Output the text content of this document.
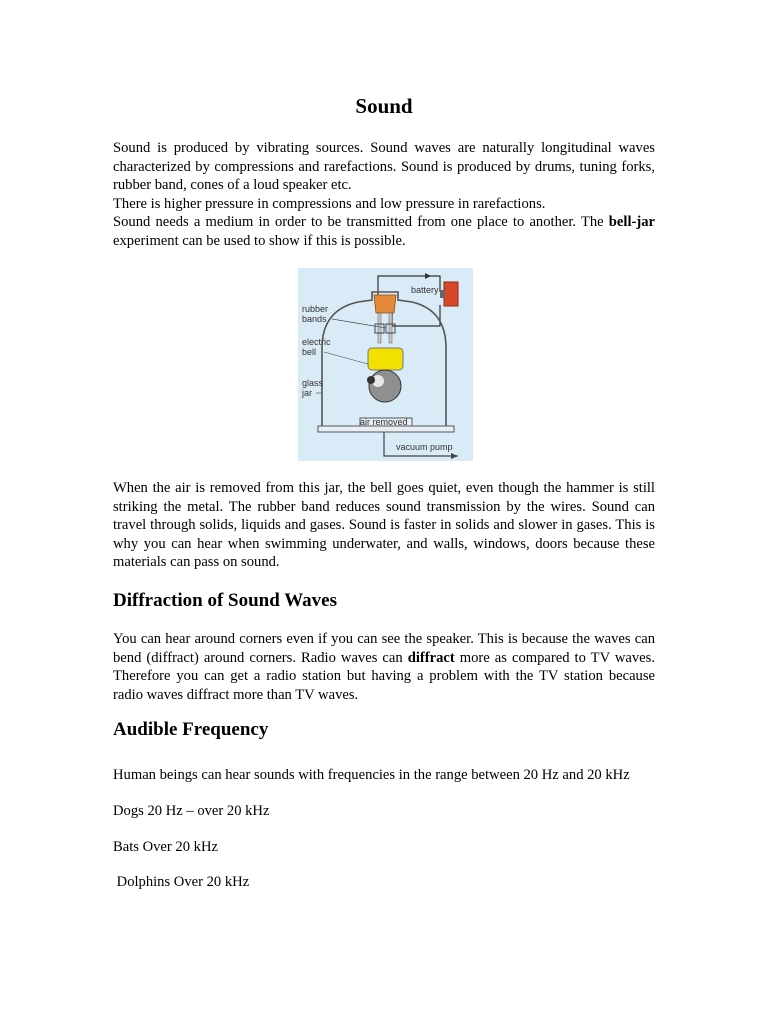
Sound

Sound is produced by vibrating sources. Sound waves are naturally longitudinal waves characterized by compressions and rarefactions. Sound is produced by drums, tuning forks, rubber band, cones of a loud speaker etc.
There is higher pressure in compressions and low pressure in rarefactions.
Sound needs a medium in order to be transmitted from one place to another. The bell-jar experiment can be used to show if this is possible.

battery
rubber
bands
electric
bell
glass
jar
air removed
vacuum pump

When the air is removed from this jar, the bell goes quiet, even though the hammer is still striking the metal. The rubber band reduces sound transmission by the wires. Sound can travel through solids, liquids and gases. Sound is faster in solids and slower in gases. This is why you can hear when swimming underwater, and walls, windows, doors because these materials can pass on sound.

Diffraction of Sound Waves

You can hear around corners even if you can see the speaker. This is because the waves can bend (diffract) around corners. Radio waves can diffract more as compared to TV waves. Therefore you can get a radio station but having a problem with the TV station because radio waves diffract more than TV waves.

Audible Frequency

Human beings can hear sounds with frequencies in the range between 20 Hz and 20 kHz

Dogs 20 Hz – over 20 kHz

Bats Over 20 kHz

Dolphins Over 20 kHz
